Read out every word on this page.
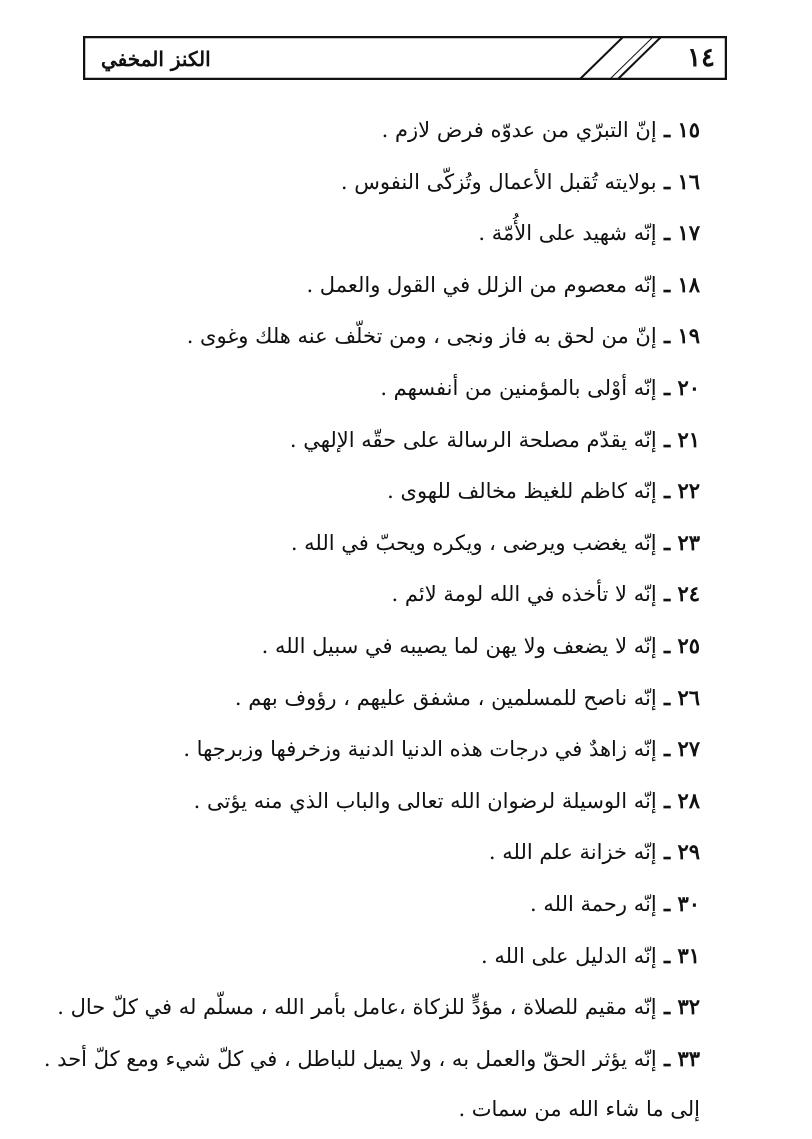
١٤
الكنز المخفي
١٥ ـ إنّ التبرّي من عدوّه فرض لازم .
١٦ ـ بولايته تُقبل الأعمال وتُزكّى النفوس .
١٧ ـ إنّه شهيد على الأُمّة .
١٨ ـ إنّه معصوم من الزلل في القول والعمل .
١٩ ـ إنّ من لحق به فاز ونجى ، ومن تخلّف عنه هلك وغوى .
٢٠ ـ إنّه أوْلى بالمؤمنين من أنفسهم .
٢١ ـ إنّه يقدّم مصلحة الرسالة على حقّه الإلهي .
٢٢ ـ إنّه كاظم للغيظ مخالف للهوى .
٢٣ ـ إنّه يغضب ويرضى ، ويكره ويحبّ في الله .
٢٤ ـ إنّه لا تأخذه في الله لومة لائم .
٢٥ ـ إنّه لا يضعف ولا يهن لما يصيبه في سبيل الله .
٢٦ ـ إنّه ناصح للمسلمين ، مشفق عليهم ، رؤوف بهم .
٢٧ ـ إنّه زاهدٌ في درجات هذه الدنيا الدنية وزخرفها وزبرجها .
٢٨ ـ إنّه الوسيلة لرضوان الله تعالى والباب الذي منه يؤتى .
٢٩ ـ إنّه خزانة علم الله .
٣٠ ـ إنّه رحمة الله .
٣١ ـ إنّه الدليل على الله .
٣٢ ـ إنّه مقيم للصلاة ، مؤدٍّ للزكاة ،عامل بأمر الله ، مسلّم له في كلّ حال .
٣٣ ـ إنّه يؤثر الحقّ والعمل به ، ولا يميل للباطل ، في كلّ شيء ومع كلّ أحد .
إلى ما شاء الله من سمات .
